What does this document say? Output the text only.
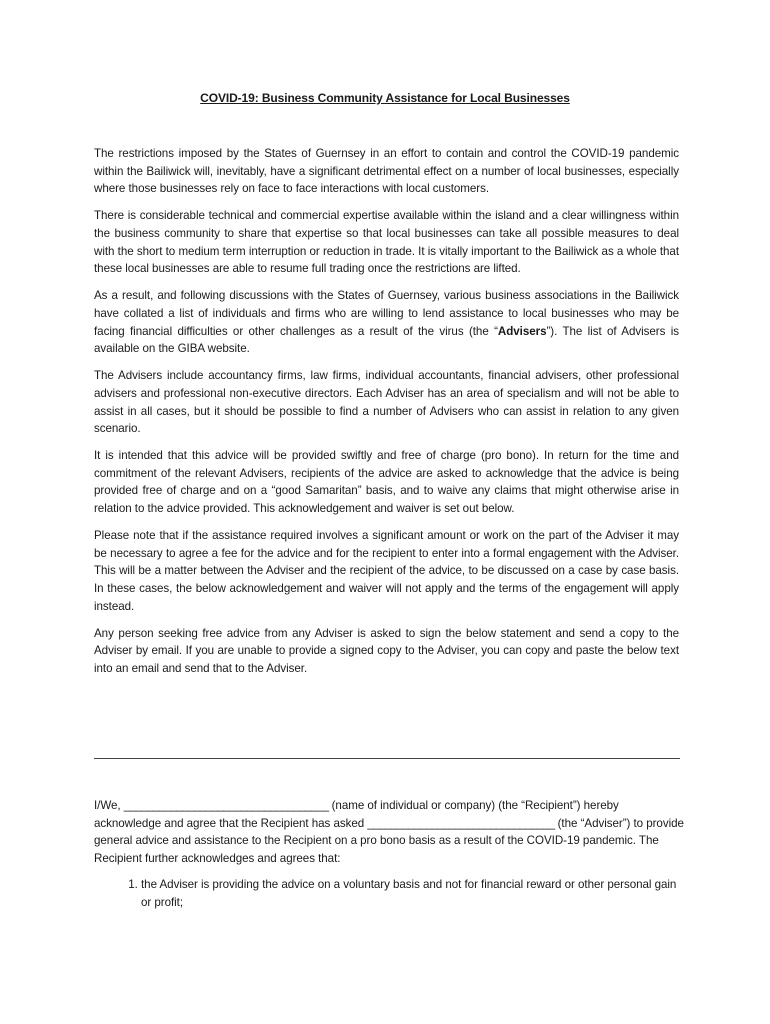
COVID-19: Business Community Assistance for Local Businesses

The restrictions imposed by the States of Guernsey in an effort to contain and control the COVID-19 pandemic within the Bailiwick will, inevitably, have a significant detrimental effect on a number of local businesses, especially where those businesses rely on face to face interactions with local customers.

There is considerable technical and commercial expertise available within the island and a clear willingness within the business community to share that expertise so that local businesses can take all possible measures to deal with the short to medium term interruption or reduction in trade. It is vitally important to the Bailiwick as a whole that these local businesses are able to resume full trading once the restrictions are lifted.

As a result, and following discussions with the States of Guernsey, various business associations in the Bailiwick have collated a list of individuals and firms who are willing to lend assistance to local businesses who may be facing financial difficulties or other challenges as a result of the virus (the “Advisers”). The list of Advisers is available on the GIBA website.

The Advisers include accountancy firms, law firms, individual accountants, financial advisers, other professional advisers and professional non-executive directors. Each Adviser has an area of specialism and will not be able to assist in all cases, but it should be possible to find a number of Advisers who can assist in relation to any given scenario.

It is intended that this advice will be provided swiftly and free of charge (pro bono). In return for the time and commitment of the relevant Advisers, recipients of the advice are asked to acknowledge that the advice is being provided free of charge and on a “good Samaritan” basis, and to waive any claims that might otherwise arise in relation to the advice provided. This acknowledgement and waiver is set out below.

Please note that if the assistance required involves a significant amount or work on the part of the Adviser it may be necessary to agree a fee for the advice and for the recipient to enter into a formal engagement with the Adviser. This will be a matter between the Adviser and the recipient of the advice, to be discussed on a case by case basis. In these cases, the below acknowledgement and waiver will not apply and the terms of the engagement will apply instead.

Any person seeking free advice from any Adviser is asked to sign the below statement and send a copy to the Adviser by email. If you are unable to provide a signed copy to the Adviser, you can copy and paste the below text into an email and send that to the Adviser.

I/We, ___________________________________ (name of individual or company) (the “Recipient”) hereby acknowledge and agree that the Recipient has asked ________________________________ (the “Adviser”) to provide general advice and assistance to the Recipient on a pro bono basis as a result of the COVID-19 pandemic. The Recipient further acknowledges and agrees that:

1. the Adviser is providing the advice on a voluntary basis and not for financial reward or other personal gain or profit;
